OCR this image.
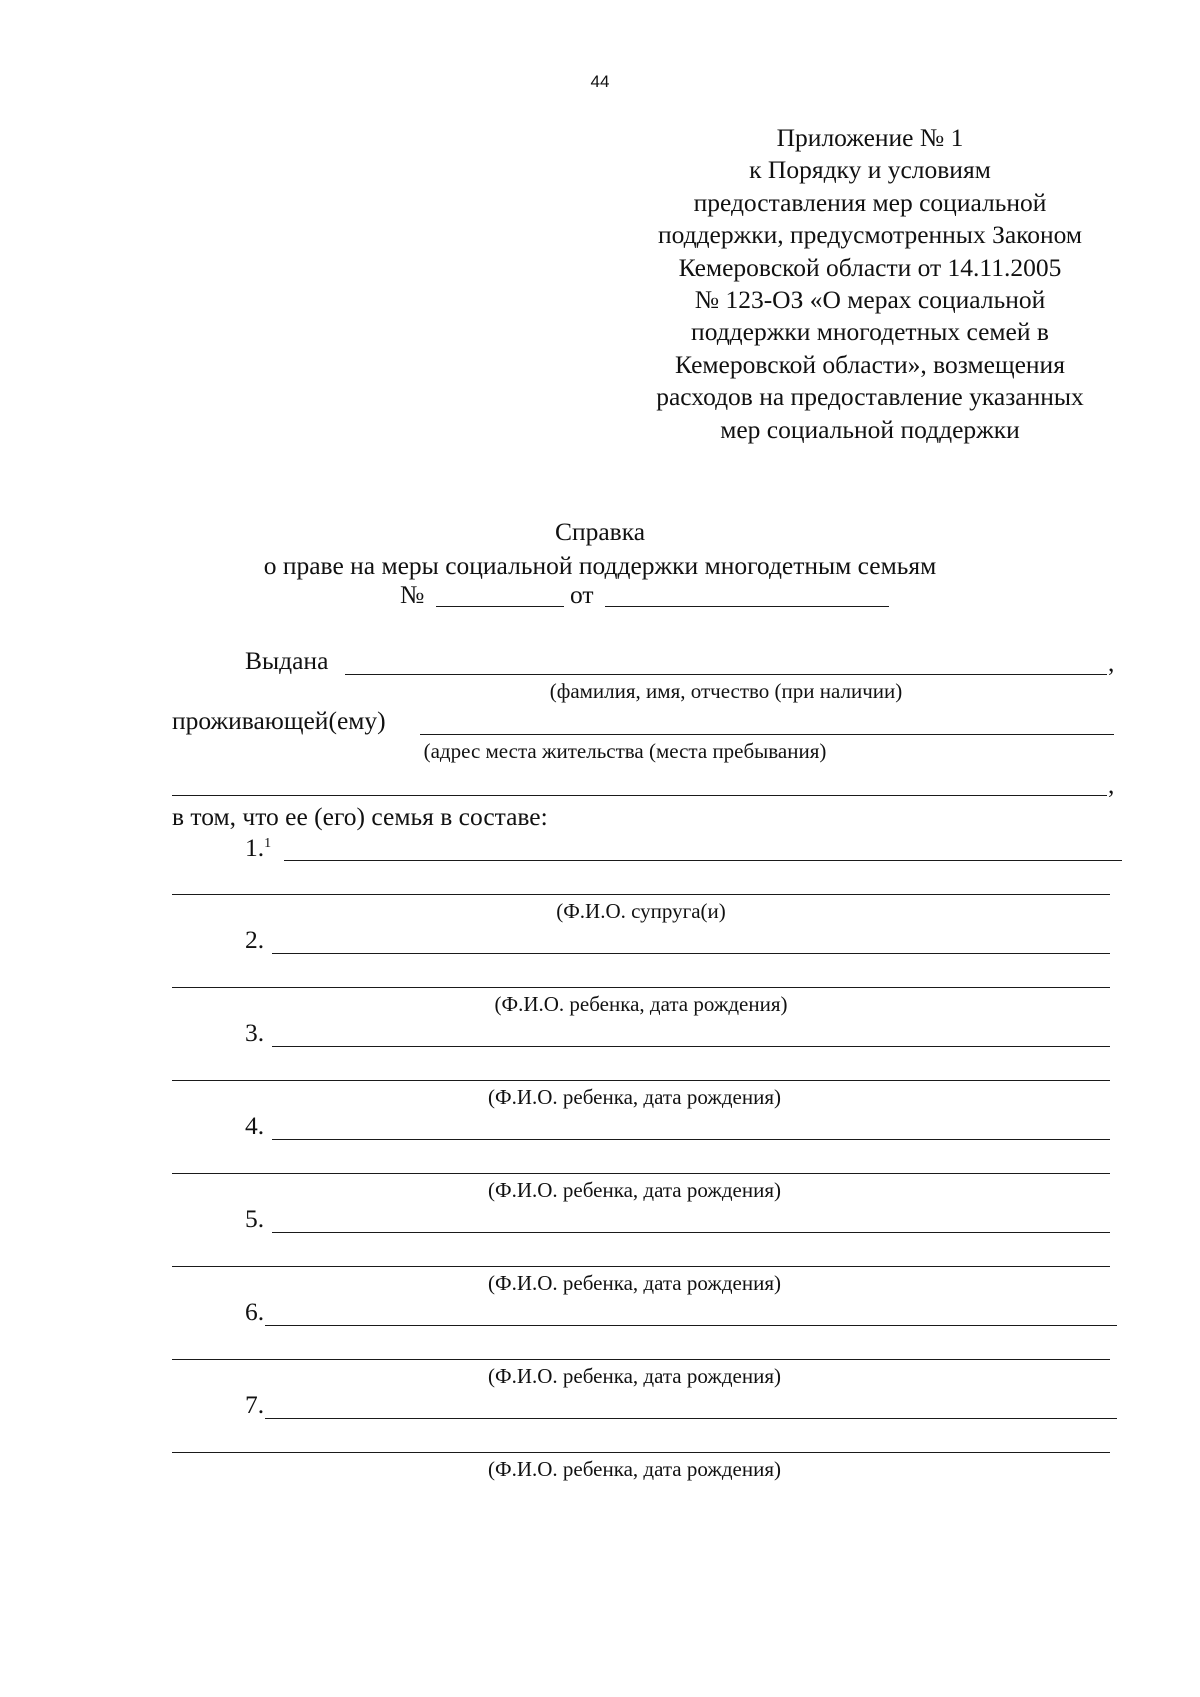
44
Приложение № 1
к Порядку и условиям
предоставления мер социальной
поддержки, предусмотренных Законом
Кемеровской области от 14.11.2005
№ 123-ОЗ «О мерах социальной
поддержки многодетных семей в
Кемеровской области», возмещения
расходов на предоставление указанных
мер социальной поддержки
Справка
о праве на меры социальной поддержки многодетным семьям
№	от
Выдана	,
(фамилия, имя, отчество (при наличии)
проживающей(ему)
(адрес места жительства (места пребывания)
,
в том, что ее (его) семья в составе:
1.$^1$
(Ф.И.О. супруга(и)
2.
(Ф.И.О. ребенка, дата рождения)
3.
(Ф.И.О. ребенка, дата рождения)
4.
(Ф.И.О. ребенка, дата рождения)
5.
(Ф.И.О. ребенка, дата рождения)
6.
(Ф.И.О. ребенка, дата рождения)
7.
(Ф.И.О. ребенка, дата рождения)
